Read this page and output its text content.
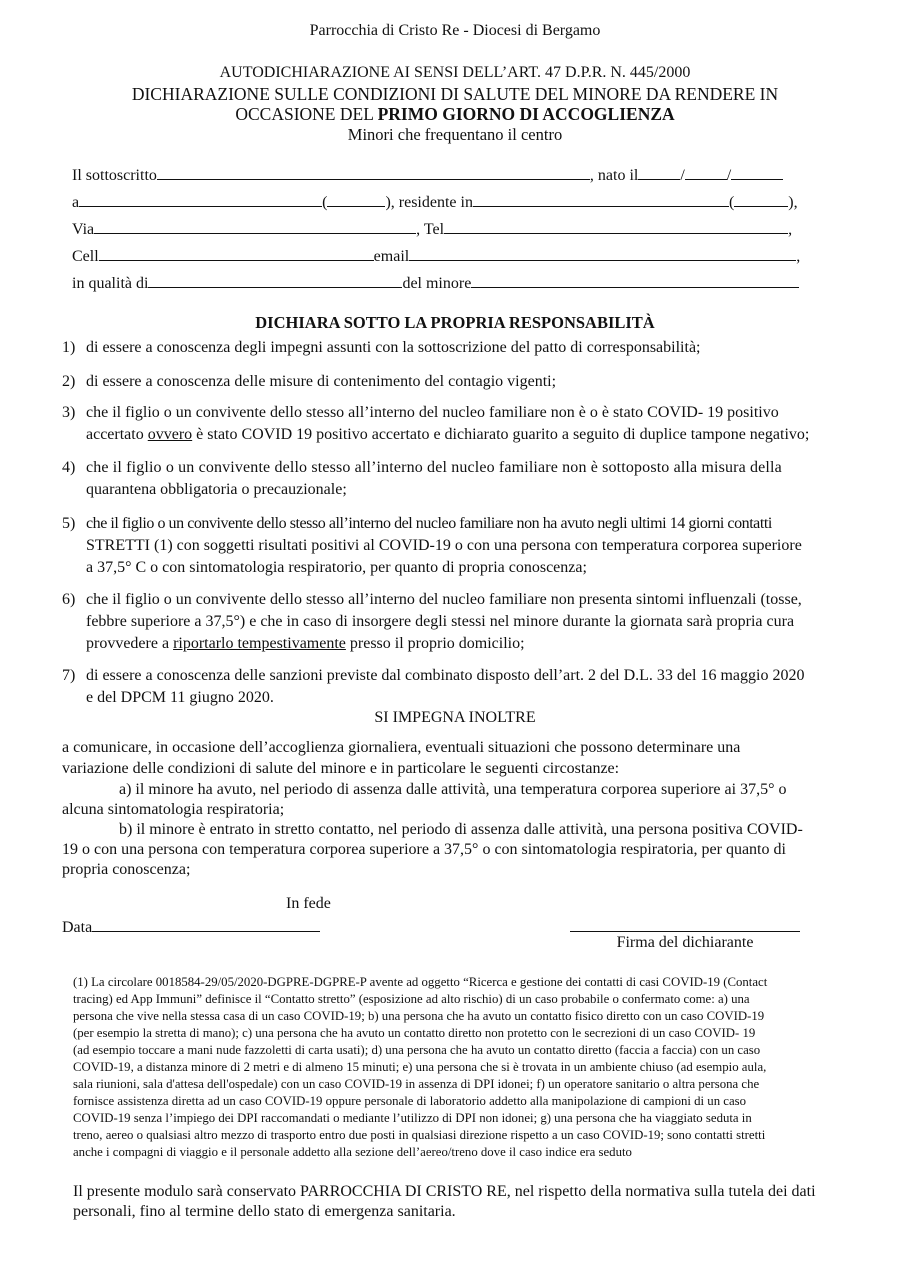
Parrocchia di Cristo Re - Diocesi di Bergamo
AUTODICHIARAZIONE AI SENSI DELL’ART. 47 D.P.R. N. 445/2000
DICHIARAZIONE SULLE CONDIZIONI DI SALUTE DEL MINORE DA RENDERE IN
OCCASIONE DEL PRIMO GIORNO DI ACCOGLIENZA
Minori che frequentano il centro
Il sottoscritto	, nato il	/	/
a	(	), residente in	(	),
Via	, Tel	,
Cell	email	,
in qualità di	del minore
DICHIARA SOTTO LA PROPRIA RESPONSABILITÀ
1) di essere a conoscenza degli impegni assunti con la sottoscrizione del patto di corresponsabilità;
2) di essere a conoscenza delle misure di contenimento del contagio vigenti;
3) che il figlio o un convivente dello stesso all’interno del nucleo familiare non è o è stato COVID- 19 positivo
accertato ovvero è stato COVID 19 positivo accertato e dichiarato guarito a seguito di duplice tampone negativo;
4) che il figlio o un convivente dello stesso all’interno del nucleo familiare non è sottoposto alla misura della
quarantena obbligatoria o precauzionale;
5) che il figlio o un convivente dello stesso all’interno del nucleo familiare non ha avuto negli ultimi 14 giorni contatti
STRETTI (1) con soggetti risultati positivi al COVID-19 o con una persona con temperatura corporea superiore
a 37,5° C o con sintomatologia respiratorio, per quanto di propria conoscenza;
6) che il figlio o un convivente dello stesso all’interno del nucleo familiare non presenta sintomi influenzali (tosse,
febbre superiore a 37,5°) e che in caso di insorgere degli stessi nel minore durante la giornata sarà propria cura
provvedere a riportarlo tempestivamente presso il proprio domicilio;
7) di essere a conoscenza delle sanzioni previste dal combinato disposto dell’art. 2 del D.L. 33 del 16 maggio 2020
e del DPCM 11 giugno 2020.
SI IMPEGNA INOLTRE
a comunicare, in occasione dell’accoglienza giornaliera, eventuali situazioni che possono determinare una
variazione delle condizioni di salute del minore e in particolare le seguenti circostanze:
a) il minore ha avuto, nel periodo di assenza dalle attività, una temperatura corporea superiore ai 37,5° o
alcuna sintomatologia respiratoria;
b) il minore è entrato in stretto contatto, nel periodo di assenza dalle attività, una persona positiva COVID-
19 o con una persona con temperatura corporea superiore a 37,5° o con sintomatologia respiratoria, per quanto di
propria conoscenza;
In fede
Data
Firma del dichiarante
(1) La circolare 0018584-29/05/2020-DGPRE-DGPRE-P avente ad oggetto “Ricerca e gestione dei contatti di casi COVID-19 (Contact
tracing) ed App Immuni” definisce il “Contatto stretto” (esposizione ad alto rischio) di un caso probabile o confermato come: a) una
persona che vive nella stessa casa di un caso COVID-19; b) una persona che ha avuto un contatto fisico diretto con un caso COVID-19
(per esempio la stretta di mano); c) una persona che ha avuto un contatto diretto non protetto con le secrezioni di un caso COVID- 19
(ad esempio toccare a mani nude fazzoletti di carta usati); d) una persona che ha avuto un contatto diretto (faccia a faccia) con un caso
COVID-19, a distanza minore di 2 metri e di almeno 15 minuti; e) una persona che si è trovata in un ambiente chiuso (ad esempio aula,
sala riunioni, sala d'attesa dell'ospedale) con un caso COVID-19 in assenza di DPI idonei; f) un operatore sanitario o altra persona che
fornisce assistenza diretta ad un caso COVID-19 oppure personale di laboratorio addetto alla manipolazione di campioni di un caso
COVID-19 senza l’impiego dei DPI raccomandati o mediante l’utilizzo di DPI non idonei; g) una persona che ha viaggiato seduta in
treno, aereo o qualsiasi altro mezzo di trasporto entro due posti in qualsiasi direzione rispetto a un caso COVID-19; sono contatti stretti
anche i compagni di viaggio e il personale addetto alla sezione dell’aereo/treno dove il caso indice era seduto
Il presente modulo sarà conservato PARROCCHIA DI CRISTO RE, nel rispetto della normativa sulla tutela dei dati
personali, fino al termine dello stato di emergenza sanitaria.
